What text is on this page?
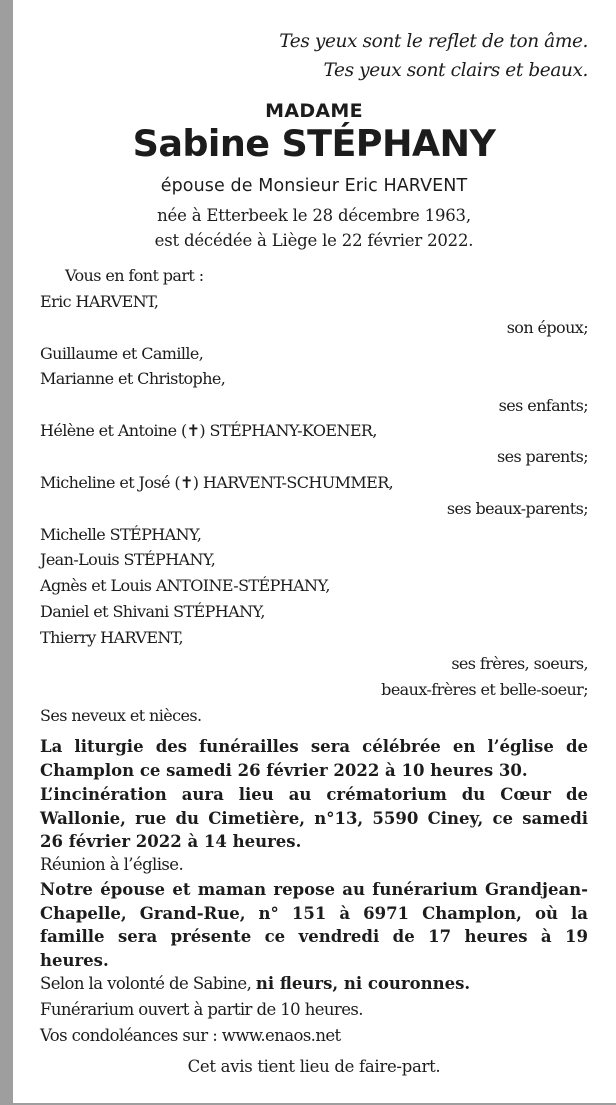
Tes yeux sont le reflet de ton âme.
Tes yeux sont clairs et beaux.
MADAME
Sabine STÉPHANY
épouse de Monsieur Eric HARVENT
née à Etterbeek le 28 décembre 1963,
est décédée à Liège le 22 février 2022.
Vous en font part :
Eric HARVENT,
son époux;
Guillaume et Camille,
Marianne et Christophe,
ses enfants;
Hélène et Antoine (✝) STÉPHANY-KOENER,
ses parents;
Micheline et José (✝) HARVENT-SCHUMMER,
ses beaux-parents;
Michelle STÉPHANY,
Jean-Louis STÉPHANY,
Agnès et Louis ANTOINE-STÉPHANY,
Daniel et Shivani STÉPHANY,
Thierry HARVENT,
ses frères, soeurs,
beaux-frères et belle-soeur;
Ses neveux et nièces.
La liturgie des funérailles sera célébrée en l’église de Champlon ce samedi 26 février 2022 à 10 heures 30.
L’incinération aura lieu au crématorium du Cœur de Wallonie, rue du Cimetière, n°13, 5590 Ciney, ce samedi 26 février 2022 à 14 heures.
Réunion à l’église.
Notre épouse et maman repose au funérarium Grandjean-Chapelle, Grand-Rue, n° 151 à 6971 Champlon, où la famille sera présente ce vendredi de 17 heures à 19 heures.
Selon la volonté de Sabine, ni fleurs, ni couronnes.
Funérarium ouvert à partir de 10 heures.
Vos condoléances sur : www.enaos.net
Cet avis tient lieu de faire-part.
